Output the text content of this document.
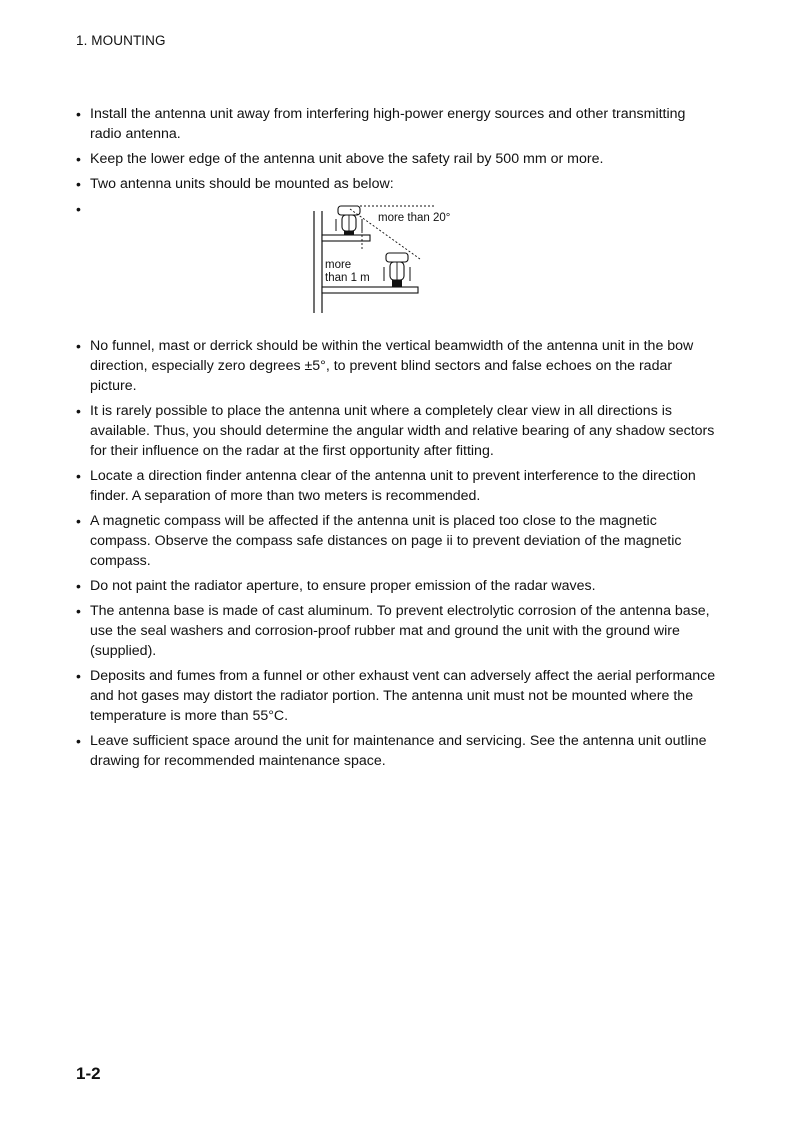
1. MOUNTING
• Install the antenna unit away from interfering high-power energy sources and other transmitting radio antenna.
• Keep the lower edge of the antenna unit above the safety rail by 500 mm or more.
• Two antenna units should be mounted as below:
• more than 20°
more
than 1 m
• No funnel, mast or derrick should be within the vertical beamwidth of the antenna unit in the bow direction, especially zero degrees ±5°, to prevent blind sectors and false echoes on the radar picture.
• It is rarely possible to place the antenna unit where a completely clear view in all directions is available. Thus, you should determine the angular width and relative bearing of any shadow sectors for their influence on the radar at the first opportunity after fitting.
• Locate a direction finder antenna clear of the antenna unit to prevent interference to the direction finder. A separation of more than two meters is recommended.
• A magnetic compass will be affected if the antenna unit is placed too close to the magnetic compass. Observe the compass safe distances on page ii to prevent deviation of the magnetic compass.
• Do not paint the radiator aperture, to ensure proper emission of the radar waves.
• The antenna base is made of cast aluminum. To prevent electrolytic corrosion of the antenna base, use the seal washers and corrosion-proof rubber mat and ground the unit with the ground wire (supplied).
• Deposits and fumes from a funnel or other exhaust vent can adversely affect the aerial performance and hot gases may distort the radiator portion. The antenna unit must not be mounted where the temperature is more than 55°C.
• Leave sufficient space around the unit for maintenance and servicing. See the antenna unit outline drawing for recommended maintenance space.
1-2
